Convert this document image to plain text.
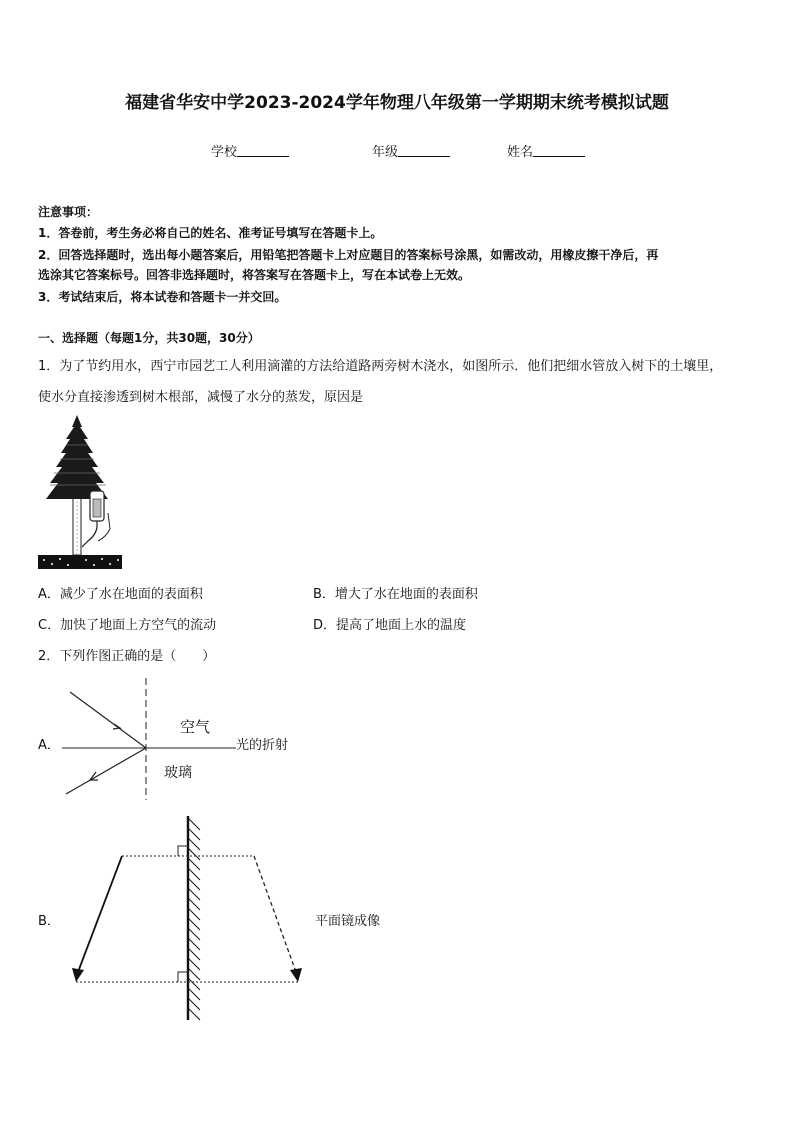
福建省华安中学2023-2024学年物理八年级第一学期期末统考模拟试题
学校	年级	姓名
注意事项：
1．答卷前，考生务必将自己的姓名、准考证号填写在答题卡上。
2．回答选择题时，选出每小题答案后，用铅笔把答题卡上对应题目的答案标号涂黑，如需改动，用橡皮擦干净后，再
选涂其它答案标号。回答非选择题时，将答案写在答题卡上，写在本试卷上无效。
3．考试结束后，将本试卷和答题卡一并交回。
一、选择题（每题1分，共30题，30分）
1．为了节约用水，西宁市园艺工人利用滴灌的方法给道路两旁树木浇水，如图所示．他们把细水管放入树下的土壤里，
使水分直接渗透到树木根部，减慢了水分的蒸发，原因是
A．减少了水在地面的表面积	B．增大了水在地面的表面积
C．加快了地面上方空气的流动	D．提高了地面上水的温度
2．下列作图正确的是（　　）
A．
空气
玻璃
光的折射
B．	平面镜成像
